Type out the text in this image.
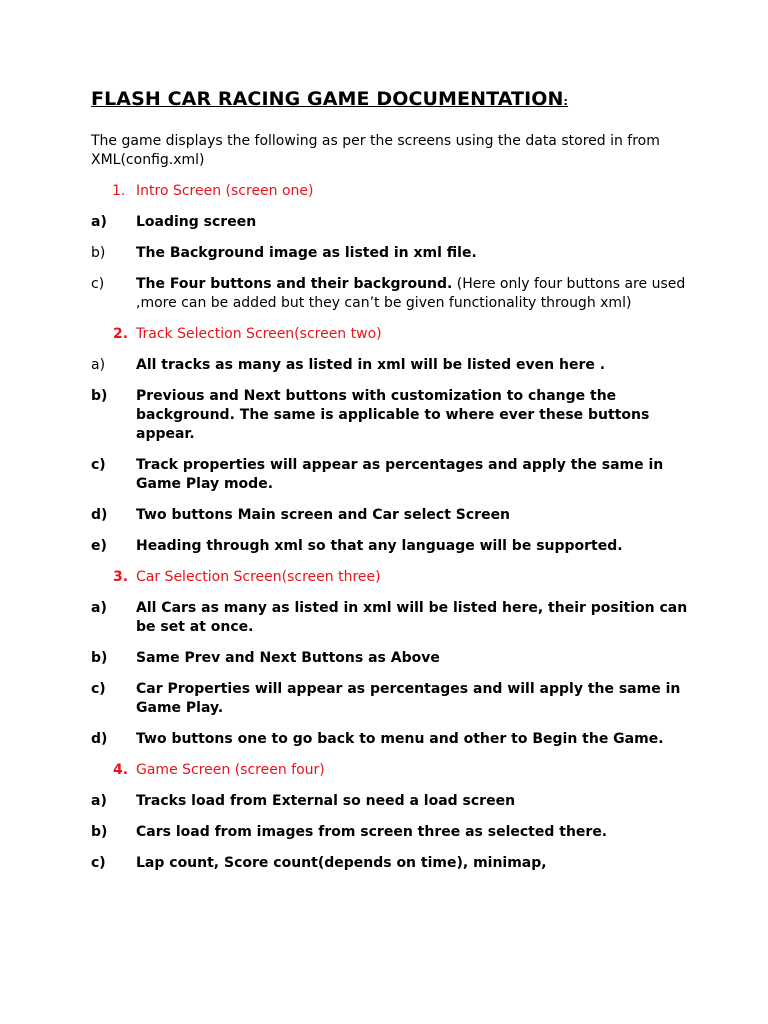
FLASH CAR RACING GAME DOCUMENTATION:
The game displays the following as per the screens using the data stored in from XML(config.xml)
1. Intro Screen (screen one)
a) Loading screen
b) The Background image as listed in xml file.
c) The Four buttons and their background. (Here only four buttons are used ,more can be added but they can’t be given functionality through xml)
2. Track Selection Screen(screen two)
a) All tracks as many as listed in xml will be listed even here .
b) Previous and Next buttons with customization to change the background. The same is applicable to where ever these buttons appear.
c) Track properties will appear as percentages and apply the same in Game Play mode.
d) Two buttons Main screen and Car select Screen
e) Heading through xml so that any language will be supported.
3. Car Selection Screen(screen three)
a) All Cars as many as listed in xml will be listed here, their position can be set at once.
b) Same Prev and Next Buttons as Above
c) Car Properties will appear as percentages and will apply the same in Game Play.
d) Two buttons one to go back to menu and other to Begin the Game.
4. Game Screen (screen four)
a) Tracks load from External so need a load screen
b) Cars load from images from screen three as selected there.
c) Lap count, Score count(depends on time), minimap,
